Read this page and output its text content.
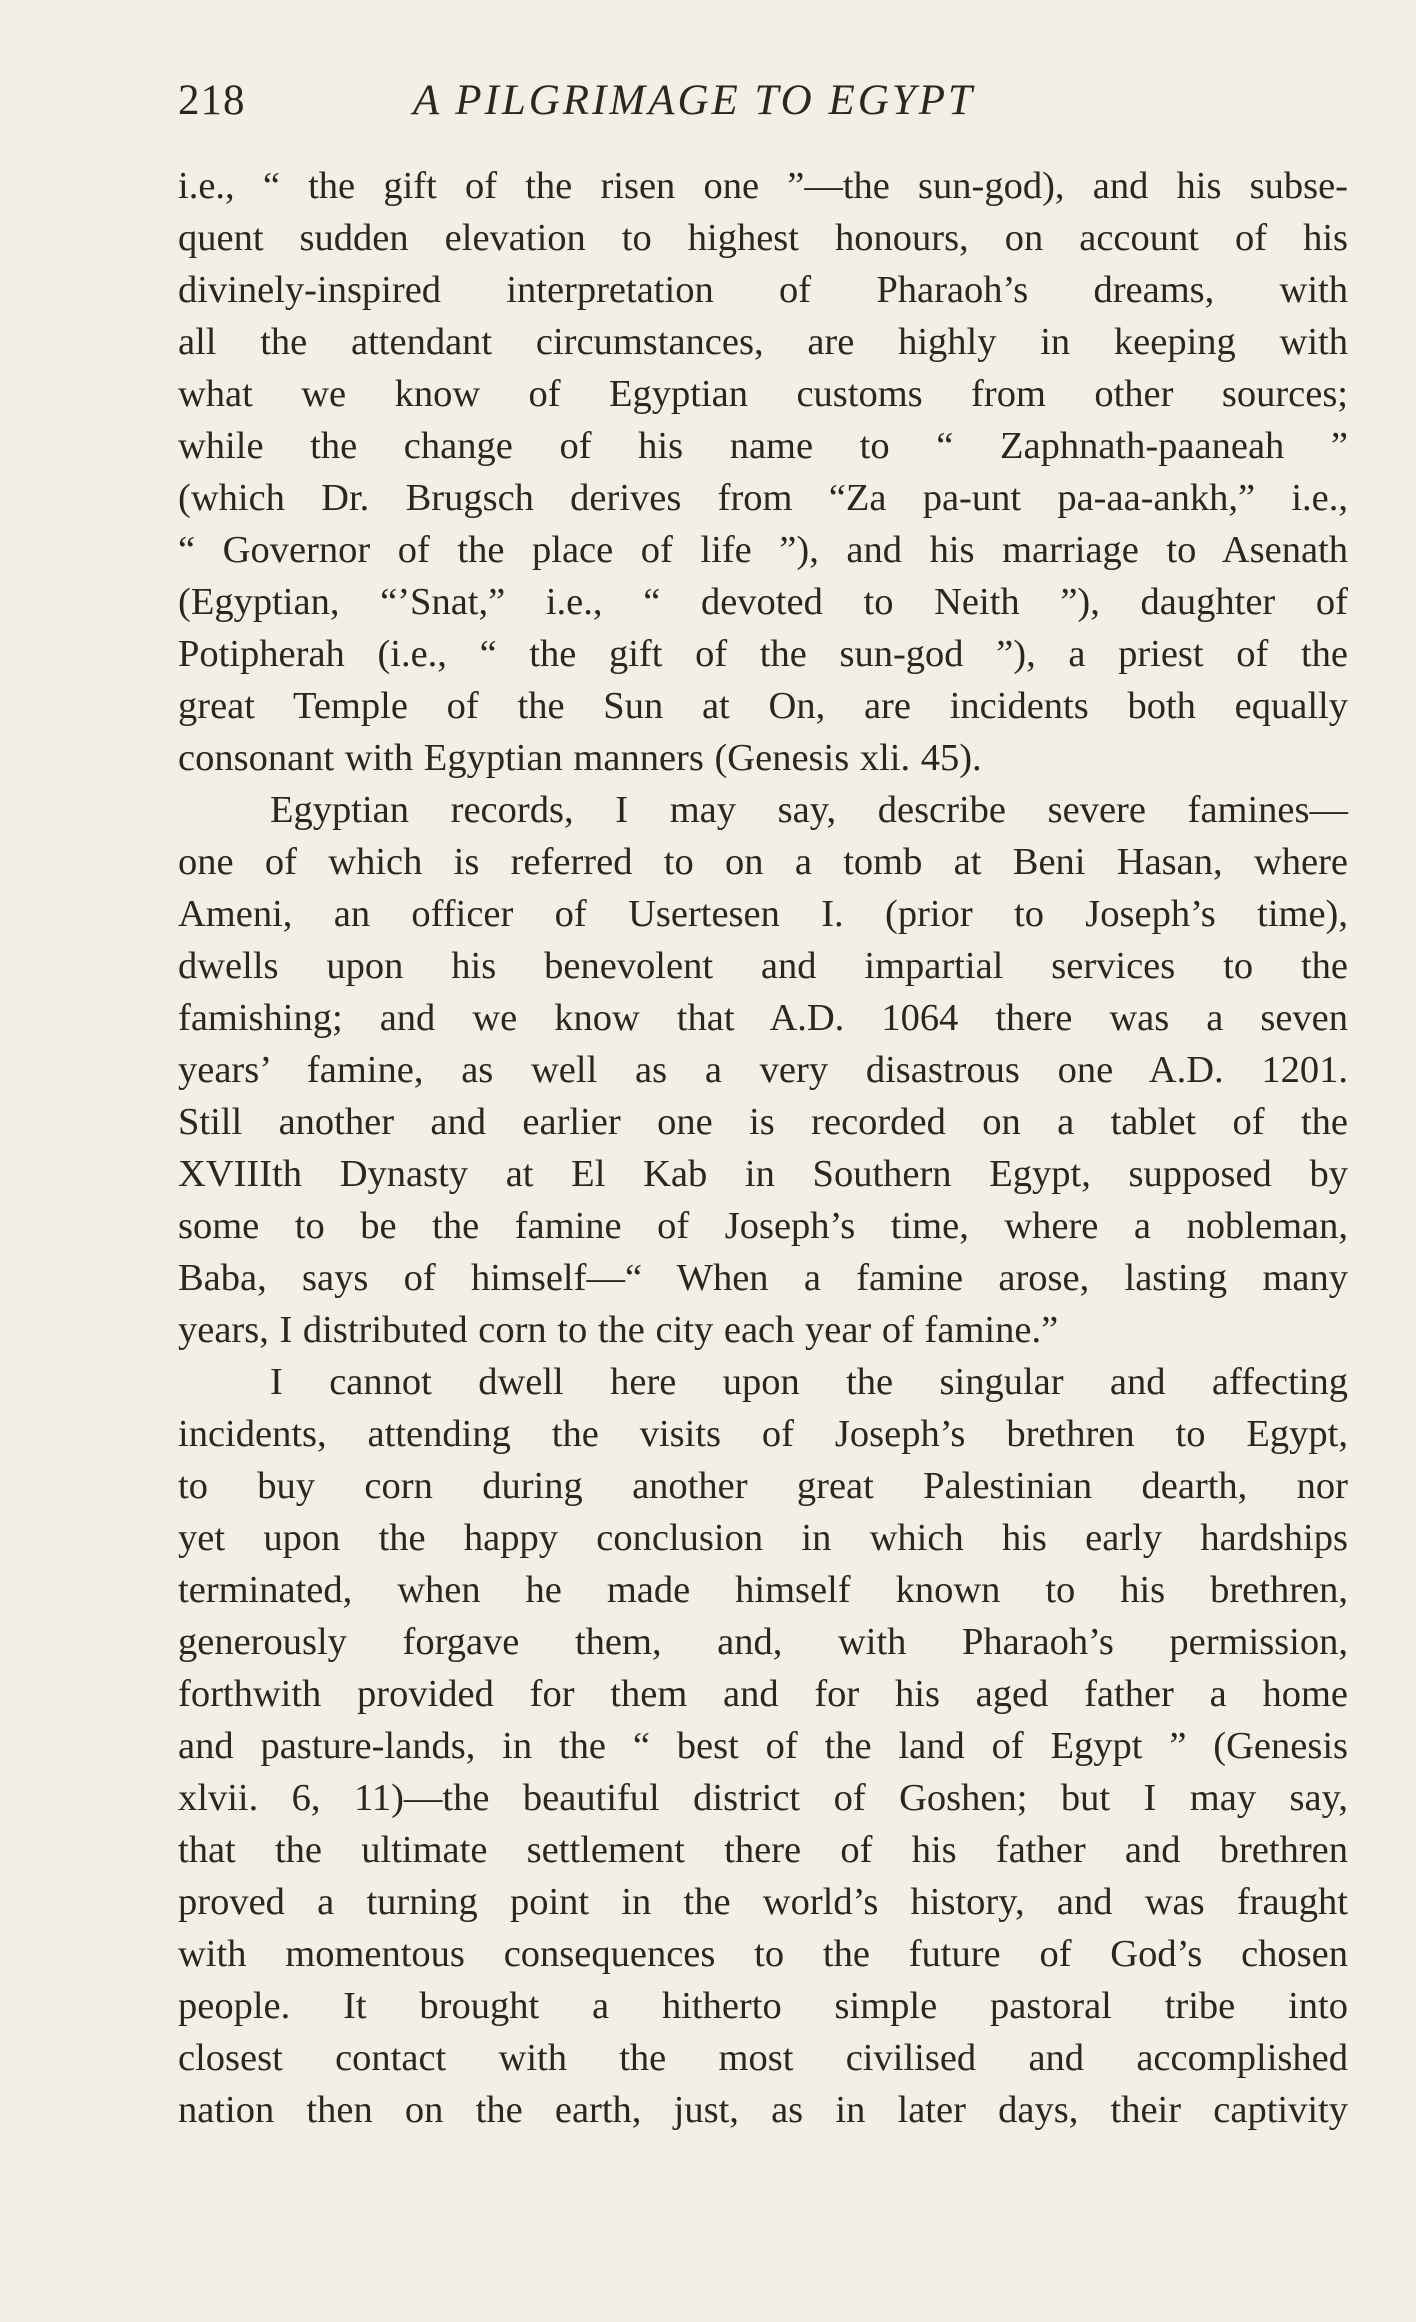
218	A PILGRIMAGE TO EGYPT
i.e., “ the gift of the risen one ”—the sun-god), and his subse-
quent sudden elevation to highest honours, on account of his
divinely-inspired interpretation of Pharaoh’s dreams, with
all the attendant circumstances, are highly in keeping with
what we know of Egyptian customs from other sources;
while the change of his name to “ Zaphnath-paaneah ”
(which Dr. Brugsch derives from “Za pa-unt pa-aa-ankh,” i.e.,
“ Governor of the place of life ”), and his marriage to Asenath
(Egyptian, “’Snat,” i.e., “ devoted to Neith ”), daughter of
Potipherah (i.e., “ the gift of the sun-god ”), a priest of the
great Temple of the Sun at On, are incidents both equally
consonant with Egyptian manners (Genesis xli. 45).
Egyptian records, I may say, describe severe famines—
one of which is referred to on a tomb at Beni Hasan, where
Ameni, an officer of Usertesen I. (prior to Joseph’s time),
dwells upon his benevolent and impartial services to the
famishing; and we know that A.D. 1064 there was a seven
years’ famine, as well as a very disastrous one A.D. 1201.
Still another and earlier one is recorded on a tablet of the
XVIIIth Dynasty at El Kab in Southern Egypt, supposed by
some to be the famine of Joseph’s time, where a nobleman,
Baba, says of himself—“ When a famine arose, lasting many
years, I distributed corn to the city each year of famine.”
I cannot dwell here upon the singular and affecting
incidents, attending the visits of Joseph’s brethren to Egypt,
to buy corn during another great Palestinian dearth, nor
yet upon the happy conclusion in which his early hardships
terminated, when he made himself known to his brethren,
generously forgave them, and, with Pharaoh’s permission,
forthwith provided for them and for his aged father a home
and pasture-lands, in the “ best of the land of Egypt ” (Genesis
xlvii. 6, 11)—the beautiful district of Goshen; but I may say,
that the ultimate settlement there of his father and brethren
proved a turning point in the world’s history, and was fraught
with momentous consequences to the future of God’s chosen
people. It brought a hitherto simple pastoral tribe into
closest contact with the most civilised and accomplished
nation then on the earth, just, as in later days, their captivity
